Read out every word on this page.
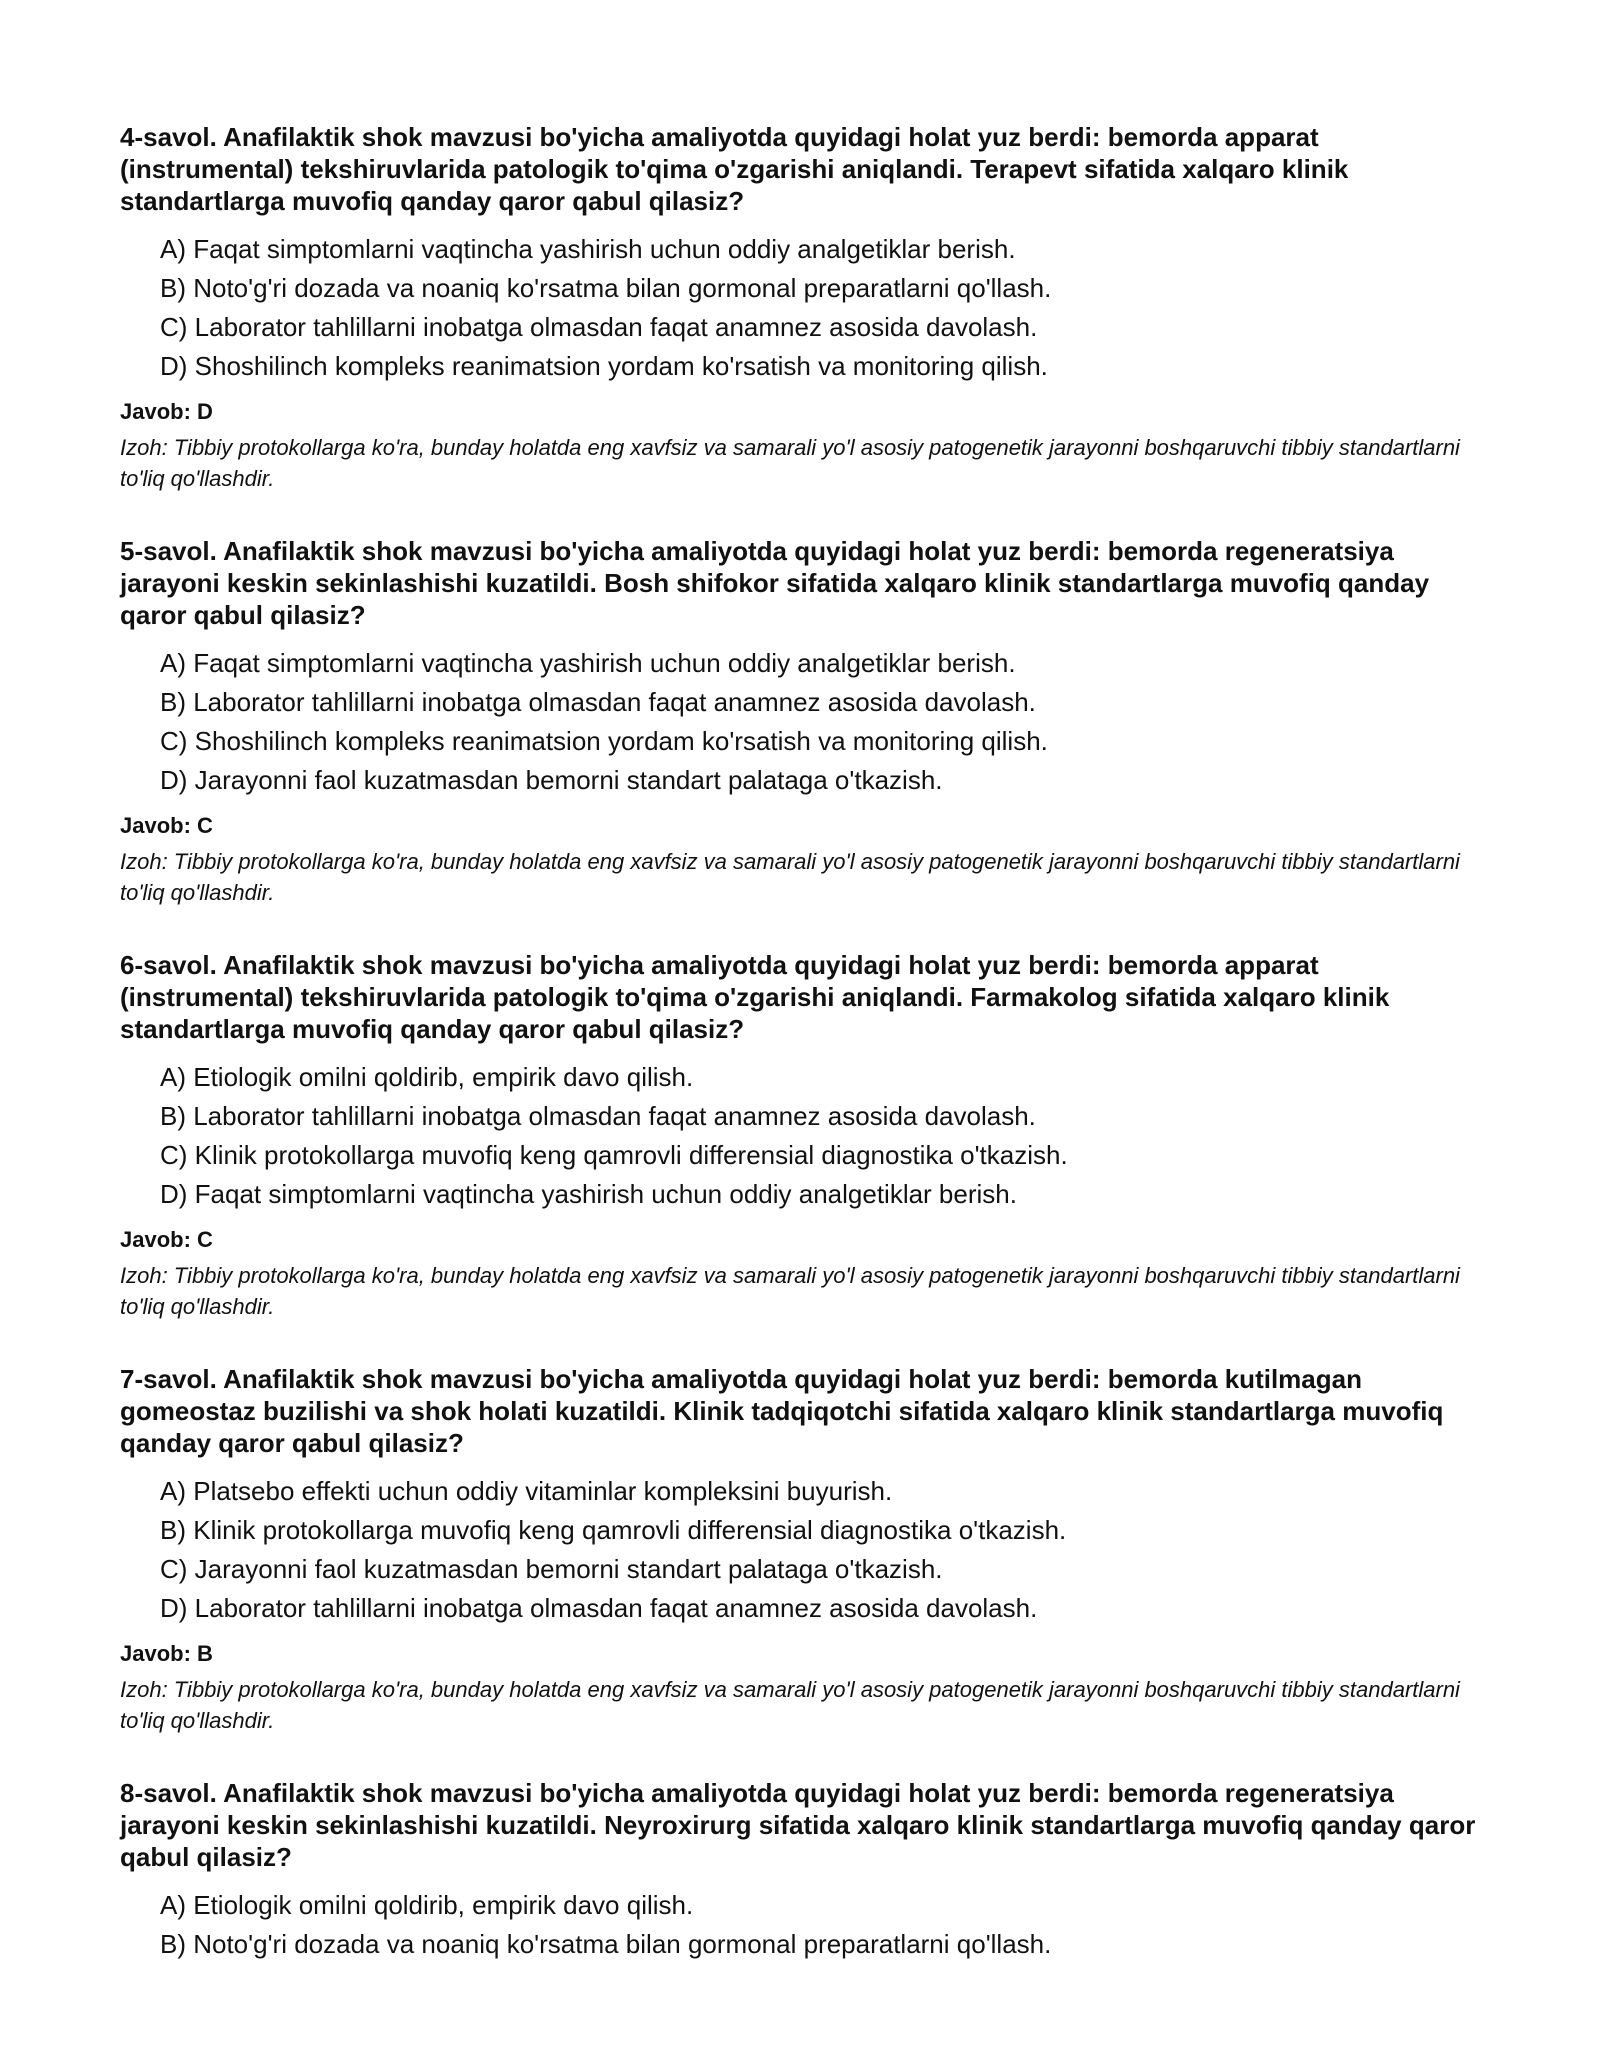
4-savol. Anafilaktik shok mavzusi bo'yicha amaliyotda quyidagi holat yuz berdi: bemorda apparat (instrumental) tekshiruvlarida patologik to'qima o'zgarishi aniqlandi. Terapevt sifatida xalqaro klinik standartlarga muvofiq qanday qaror qabul qilasiz?

A) Faqat simptomlarni vaqtincha yashirish uchun oddiy analgetiklar berish.
B) Noto'g'ri dozada va noaniq ko'rsatma bilan gormonal preparatlarni qo'llash.
C) Laborator tahlillarni inobatga olmasdan faqat anamnez asosida davolash.
D) Shoshilinch kompleks reanimatsion yordam ko'rsatish va monitoring qilish.

Javob: D

Izoh: Tibbiy protokollarga ko'ra, bunday holatda eng xavfsiz va samarali yo'l asosiy patogenetik jarayonni boshqaruvchi tibbiy standartlarni to'liq qo'llashdir.

5-savol. Anafilaktik shok mavzusi bo'yicha amaliyotda quyidagi holat yuz berdi: bemorda regeneratsiya jarayoni keskin sekinlashishi kuzatildi. Bosh shifokor sifatida xalqaro klinik standartlarga muvofiq qanday qaror qabul qilasiz?

A) Faqat simptomlarni vaqtincha yashirish uchun oddiy analgetiklar berish.
B) Laborator tahlillarni inobatga olmasdan faqat anamnez asosida davolash.
C) Shoshilinch kompleks reanimatsion yordam ko'rsatish va monitoring qilish.
D) Jarayonni faol kuzatmasdan bemorni standart palataga o'tkazish.

Javob: C

Izoh: Tibbiy protokollarga ko'ra, bunday holatda eng xavfsiz va samarali yo'l asosiy patogenetik jarayonni boshqaruvchi tibbiy standartlarni to'liq qo'llashdir.

6-savol. Anafilaktik shok mavzusi bo'yicha amaliyotda quyidagi holat yuz berdi: bemorda apparat (instrumental) tekshiruvlarida patologik to'qima o'zgarishi aniqlandi. Farmakolog sifatida xalqaro klinik standartlarga muvofiq qanday qaror qabul qilasiz?

A) Etiologik omilni qoldirib, empirik davo qilish.
B) Laborator tahlillarni inobatga olmasdan faqat anamnez asosida davolash.
C) Klinik protokollarga muvofiq keng qamrovli differensial diagnostika o'tkazish.
D) Faqat simptomlarni vaqtincha yashirish uchun oddiy analgetiklar berish.

Javob: C

Izoh: Tibbiy protokollarga ko'ra, bunday holatda eng xavfsiz va samarali yo'l asosiy patogenetik jarayonni boshqaruvchi tibbiy standartlarni to'liq qo'llashdir.

7-savol. Anafilaktik shok mavzusi bo'yicha amaliyotda quyidagi holat yuz berdi: bemorda kutilmagan gomeostaz buzilishi va shok holati kuzatildi. Klinik tadqiqotchi sifatida xalqaro klinik standartlarga muvofiq qanday qaror qabul qilasiz?

A) Platsebo effekti uchun oddiy vitaminlar kompleksini buyurish.
B) Klinik protokollarga muvofiq keng qamrovli differensial diagnostika o'tkazish.
C) Jarayonni faol kuzatmasdan bemorni standart palataga o'tkazish.
D) Laborator tahlillarni inobatga olmasdan faqat anamnez asosida davolash.

Javob: B

Izoh: Tibbiy protokollarga ko'ra, bunday holatda eng xavfsiz va samarali yo'l asosiy patogenetik jarayonni boshqaruvchi tibbiy standartlarni to'liq qo'llashdir.

8-savol. Anafilaktik shok mavzusi bo'yicha amaliyotda quyidagi holat yuz berdi: bemorda regeneratsiya jarayoni keskin sekinlashishi kuzatildi. Neyroxirurg sifatida xalqaro klinik standartlarga muvofiq qanday qaror qabul qilasiz?

A) Etiologik omilni qoldirib, empirik davo qilish.
B) Noto'g'ri dozada va noaniq ko'rsatma bilan gormonal preparatlarni qo'llash.
